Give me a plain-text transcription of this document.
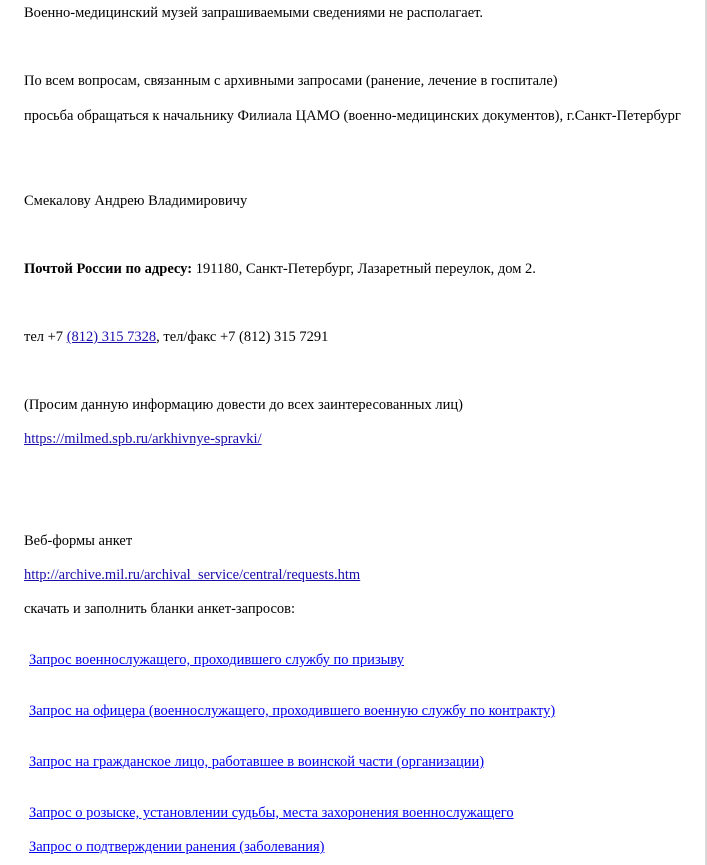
Военно-медицинский музей запрашиваемыми сведениями не располагает.
По всем вопросам, связанным с архивными запросами (ранение, лечение в госпитале)
просьба обращаться к начальнику Филиала ЦАМО (военно-медицинских документов), г.Санкт-Петербург
Смекалову Андрею Владимировичу
Почтой России по адресу: 191180, Санкт-Петербург, Лазаретный переулок, дом 2.
тел +7 (812) 315 7328, тел/факс +7 (812) 315 7291
(Просим данную информацию довести до всех заинтересованных лиц)
https://milmed.spb.ru/arkhivnye-spravki/
Веб-формы анкет
http://archive.mil.ru/archival_service/central/requests.htm
скачать и заполнить бланки анкет-запросов:
Запрос военнослужащего, проходившего службу по призыву
Запрос на офицера (военнослужащего, проходившего военную службу по контракту)
Запрос на гражданское лицо, работавшее в воинской части (организации)
Запрос о розыске, установлении судьбы, места захоронения военнослужащего
Запрос о подтверждении ранения (заболевания)
